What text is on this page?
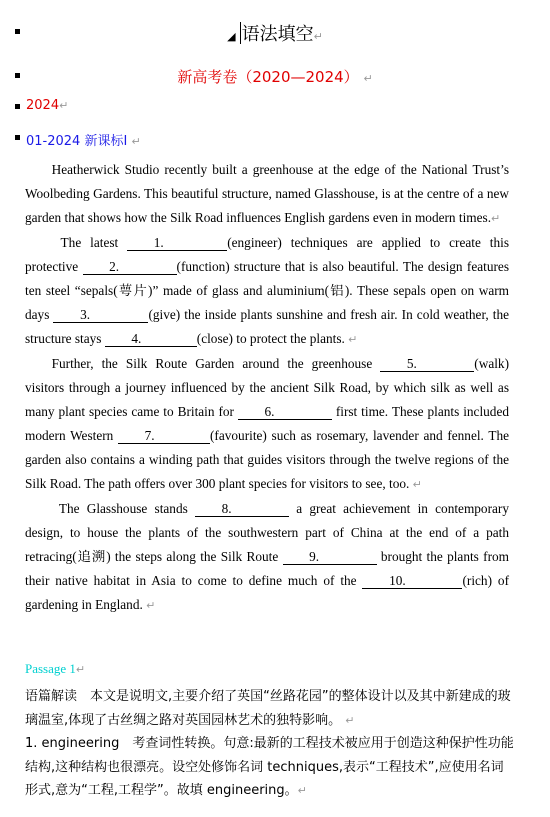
◢ 语法填空↵
新高考卷（2020—2024） ↵
2024↵
01-2024 新课标Ⅰ ↵

Heatherwick Studio recently built a greenhouse at the edge of the National Trust’s Woolbeding Gardens. This beautiful structure, named Glasshouse, is at the centre of a new garden that shows how the Silk Road influences English gardens even in modern times.↵

The latest 1.	(engineer) techniques are applied to create this protective 2.	(function) structure that is also beautiful. The design features ten steel “sepals(萼片)” made of glass and aluminium(铝). These sepals open on warm days 3.	(give) the inside plants sunshine and fresh air. In cold weather, the structure stays 4.	(close) to protect the plants. ↵

Further, the Silk Route Garden around the greenhouse 5.	(walk) visitors through a journey influenced by the ancient Silk Road, by which silk as well as many plant species came to Britain for 6.	first time. These plants included modern Western 7.	(favourite) such as rosemary, lavender and fennel. The garden also contains a winding path that guides visitors through the twelve regions of the Silk Road. The path offers over 300 plant species for visitors to see, too. ↵

The Glasshouse stands 8.	a great achievement in contemporary design, to house the plants of the southwestern part of China at the end of a path retracing(追溯) the steps along the Silk Route 9.	brought the plants from their native habitat in Asia to come to define much of the 10.	(rich) of gardening in England. ↵

Passage 1↵

语篇解读　本文是说明文,主要介绍了英国“丝路花园”的整体设计以及其中新建成的玻璃温室,体现了古丝绸之路对英国园林艺术的独特影响。 ↵

1. engineering　考查词性转换。句意:最新的工程技术被应用于创造这种保护性功能结构,这种结构也很漂亮。设空处修饰名词 techniques,表示“工程技术”,应使用名词形式,意为“工程,工程学”。故填 engineering。↵
